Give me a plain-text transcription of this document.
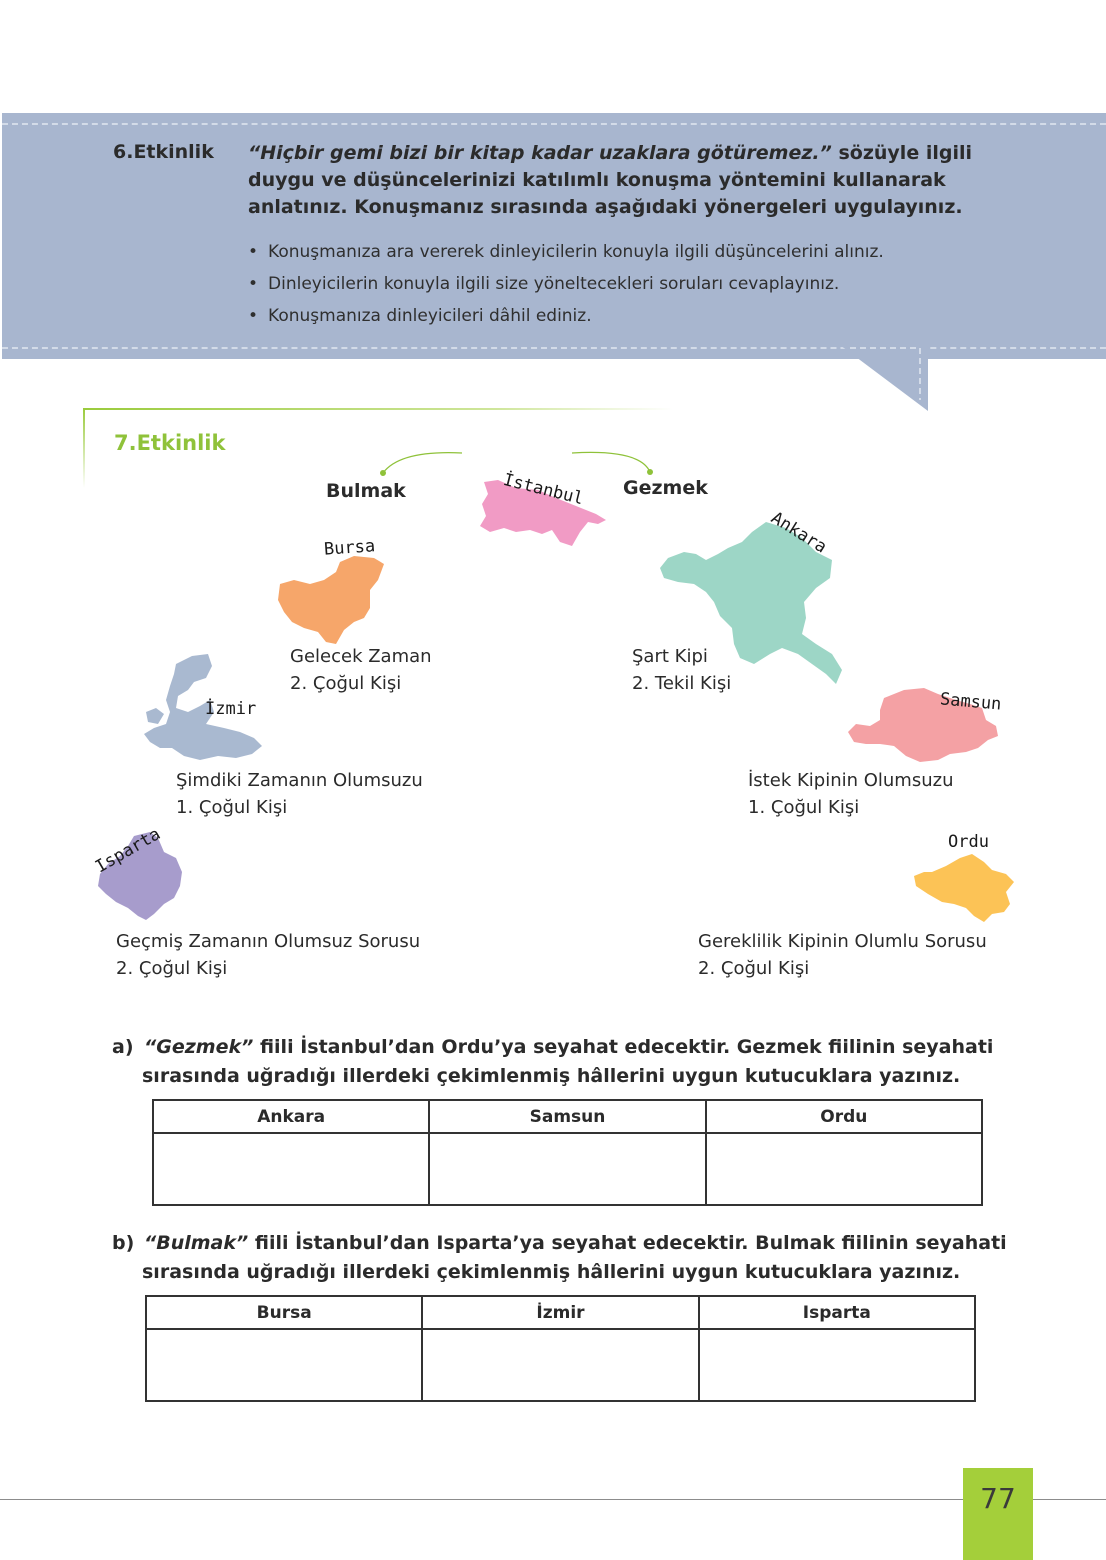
6.Etkinlik “Hiçbir gemi bizi bir kitap kadar uzaklara götüremez.” sözüyle ilgili duygu ve düşüncelerinizi katılımlı konuşma yöntemini kullanarak anlatınız. Konuşmanız sırasında aşağıdaki yönergeleri uygulayınız.
• Konuşmanıza ara vererek dinleyicilerin konuyla ilgili düşüncelerini alınız.
• Dinleyicilerin konuyla ilgili size yöneltecekleri soruları cevaplayınız.
• Konuşmanıza dinleyicileri dâhil ediniz.
7.Etkinlik
Bulmak	Gezmek
İstanbul
Bursa
Gelecek Zaman
2. Çoğul Kişi
Ankara
Şart Kipi
2. Tekil Kişi
İzmir
Şimdiki Zamanın Olumsuzu
1. Çoğul Kişi
Samsun
İstek Kipinin Olumsuzu
1. Çoğul Kişi
Isparta
Geçmiş Zamanın Olumsuz Sorusu
2. Çoğul Kişi
Ordu
Gereklilik Kipinin Olumlu Sorusu
2. Çoğul Kişi
a) “Gezmek” fiili İstanbul’dan Ordu’ya seyahat edecektir. Gezmek fiilinin seyahati
sırasında uğradığı illerdeki çekimlenmiş hâllerini uygun kutucuklara yazınız.
Ankara	Samsun	Ordu

b) “Bulmak” fiili İstanbul’dan Isparta’ya seyahat edecektir. Bulmak fiilinin seyahati
sırasında uğradığı illerdeki çekimlenmiş hâllerini uygun kutucuklara yazınız.
Bursa	İzmir	Isparta

77
